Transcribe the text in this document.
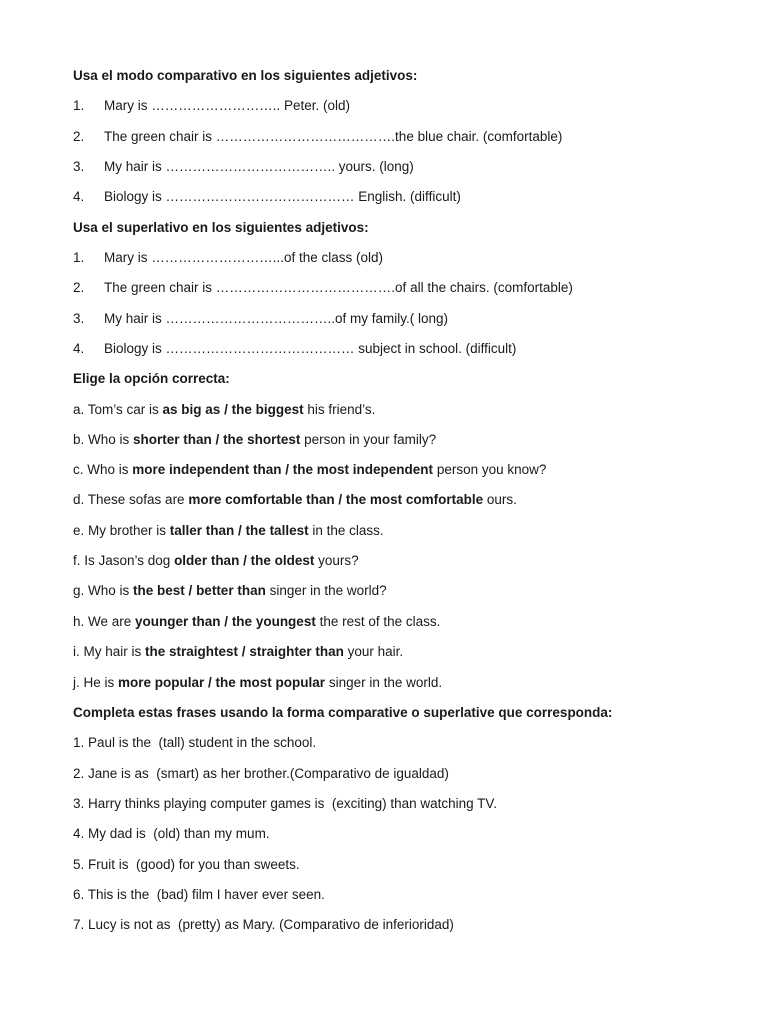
Usa el modo comparativo en los siguientes adjetivos:
1. Mary is ……………………….. Peter. (old)
2. The green chair is ………………………………….the blue chair. (comfortable)
3. My hair is ……………………………….. yours. (long)
4. Biology is …………………………………… English. (difficult)
Usa el superlativo en los siguientes adjetivos:
1. Mary is ………………………...of the class (old)
2. The green chair is ………………………………….of all the chairs. (comfortable)
3. My hair is ………………………………..of my family.( long)
4. Biology is …………………………………… subject in school. (difficult)
Elige la opción correcta:
a. Tom’s car is as big as / the biggest his friend’s.
b. Who is shorter than / the shortest person in your family?
c. Who is more independent than / the most independent person you know?
d. These sofas are more comfortable than / the most comfortable ours.
e. My brother is taller than / the tallest in the class.
f. Is Jason’s dog older than / the oldest yours?
g. Who is the best / better than singer in the world?
h. We are younger than / the youngest the rest of the class.
i. My hair is the straightest / straighter than your hair.
j. He is more popular / the most popular singer in the world.
Completa estas frases usando la forma comparative o superlative que corresponda:
1. Paul is the  (tall) student in the school.
2. Jane is as  (smart) as her brother.(Comparativo de igualdad)
3. Harry thinks playing computer games is  (exciting) than watching TV.
4. My dad is  (old) than my mum.
5. Fruit is  (good) for you than sweets.
6. This is the  (bad) film I haver ever seen.
7. Lucy is not as  (pretty) as Mary. (Comparativo de inferioridad)
